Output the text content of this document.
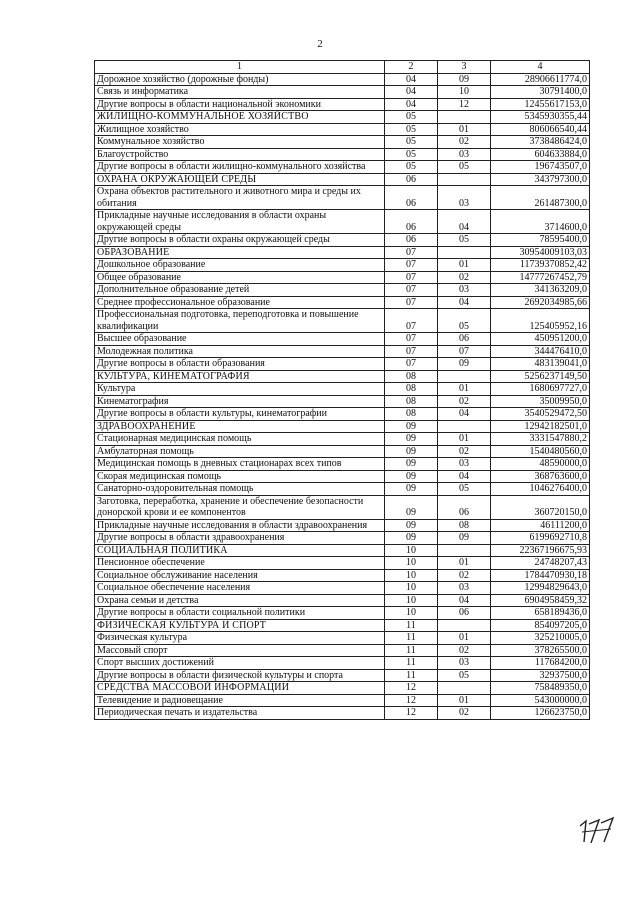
2
1	2	3	4
Дорожное хозяйство (дорожные фонды)	04	09	28906611774,0
Связь и информатика	04	10	30791400,0
Другие вопросы в области национальной экономики	04	12	12455617153,0
ЖИЛИЩНО-КОММУНАЛЬНОЕ ХОЗЯЙСТВО	05		5345930355,44
Жилищное хозяйство	05	01	806066540,44
Коммунальное хозяйство	05	02	3738486424,0
Благоустройство	05	03	604633884,0
Другие вопросы в области жилищно-коммунального хозяйства	05	05	196743507,0
ОХРАНА ОКРУЖАЮЩЕЙ СРЕДЫ	06		343797300,0
Охрана объектов растительного и животного мира и среды их обитания	06	03	261487300,0
Прикладные научные исследования в области охраны окружающей среды	06	04	3714600,0
Другие вопросы в области охраны окружающей среды	06	05	78595400,0
ОБРАЗОВАНИЕ	07		30954009103,03
Дошкольное образование	07	01	11739370852,42
Общее образование	07	02	14777267452,79
Дополнительное образование детей	07	03	341363209,0
Среднее профессиональное образование	07	04	2692034985,66
Профессиональная подготовка, переподготовка и повышение квалификации	07	05	125405952,16
Высшее образование	07	06	450951200,0
Молодежная политика	07	07	344476410,0
Другие вопросы в области образования	07	09	483139041,0
КУЛЬТУРА, КИНЕМАТОГРАФИЯ	08		5256237149,50
Культура	08	01	1680697727,0
Кинематография	08	02	35009950,0
Другие вопросы в области культуры, кинематографии	08	04	3540529472,50
ЗДРАВООХРАНЕНИЕ	09		12942182501,0
Стационарная медицинская помощь	09	01	3331547880,2
Амбулаторная помощь	09	02	1540480560,0
Медицинская помощь в дневных стационарах всех типов	09	03	48590000,0
Скорая медицинская помощь	09	04	368763600,0
Санаторно-оздоровительная помощь	09	05	1046276400,0
Заготовка, переработка, хранение и обеспечение безопасности донорской крови и ее компонентов	09	06	360720150,0
Прикладные научные исследования в области здравоохранения	09	08	46111200,0
Другие вопросы в области здравоохранения	09	09	6199692710,8
СОЦИАЛЬНАЯ ПОЛИТИКА	10		22367196675,93
Пенсионное обеспечение	10	01	24748207,43
Социальное обслуживание населения	10	02	1784470930,18
Социальное обеспечение населения	10	03	12994829643,0
Охрана семьи и детства	10	04	6904958459,32
Другие вопросы в области социальной политики	10	06	658189436,0
ФИЗИЧЕСКАЯ КУЛЬТУРА И СПОРТ	11		854097205,0
Физическая культура	11	01	325210005,0
Массовый спорт	11	02	378265500,0
Спорт высших достижений	11	03	117684200,0
Другие вопросы в области физической культуры и спорта	11	05	32937500,0
СРЕДСТВА МАССОВОЙ ИНФОРМАЦИИ	12		758489350,0
Телевидение и радиовещание	12	01	543000000,0
Периодическая печать и издательства	12	02	126623750,0
